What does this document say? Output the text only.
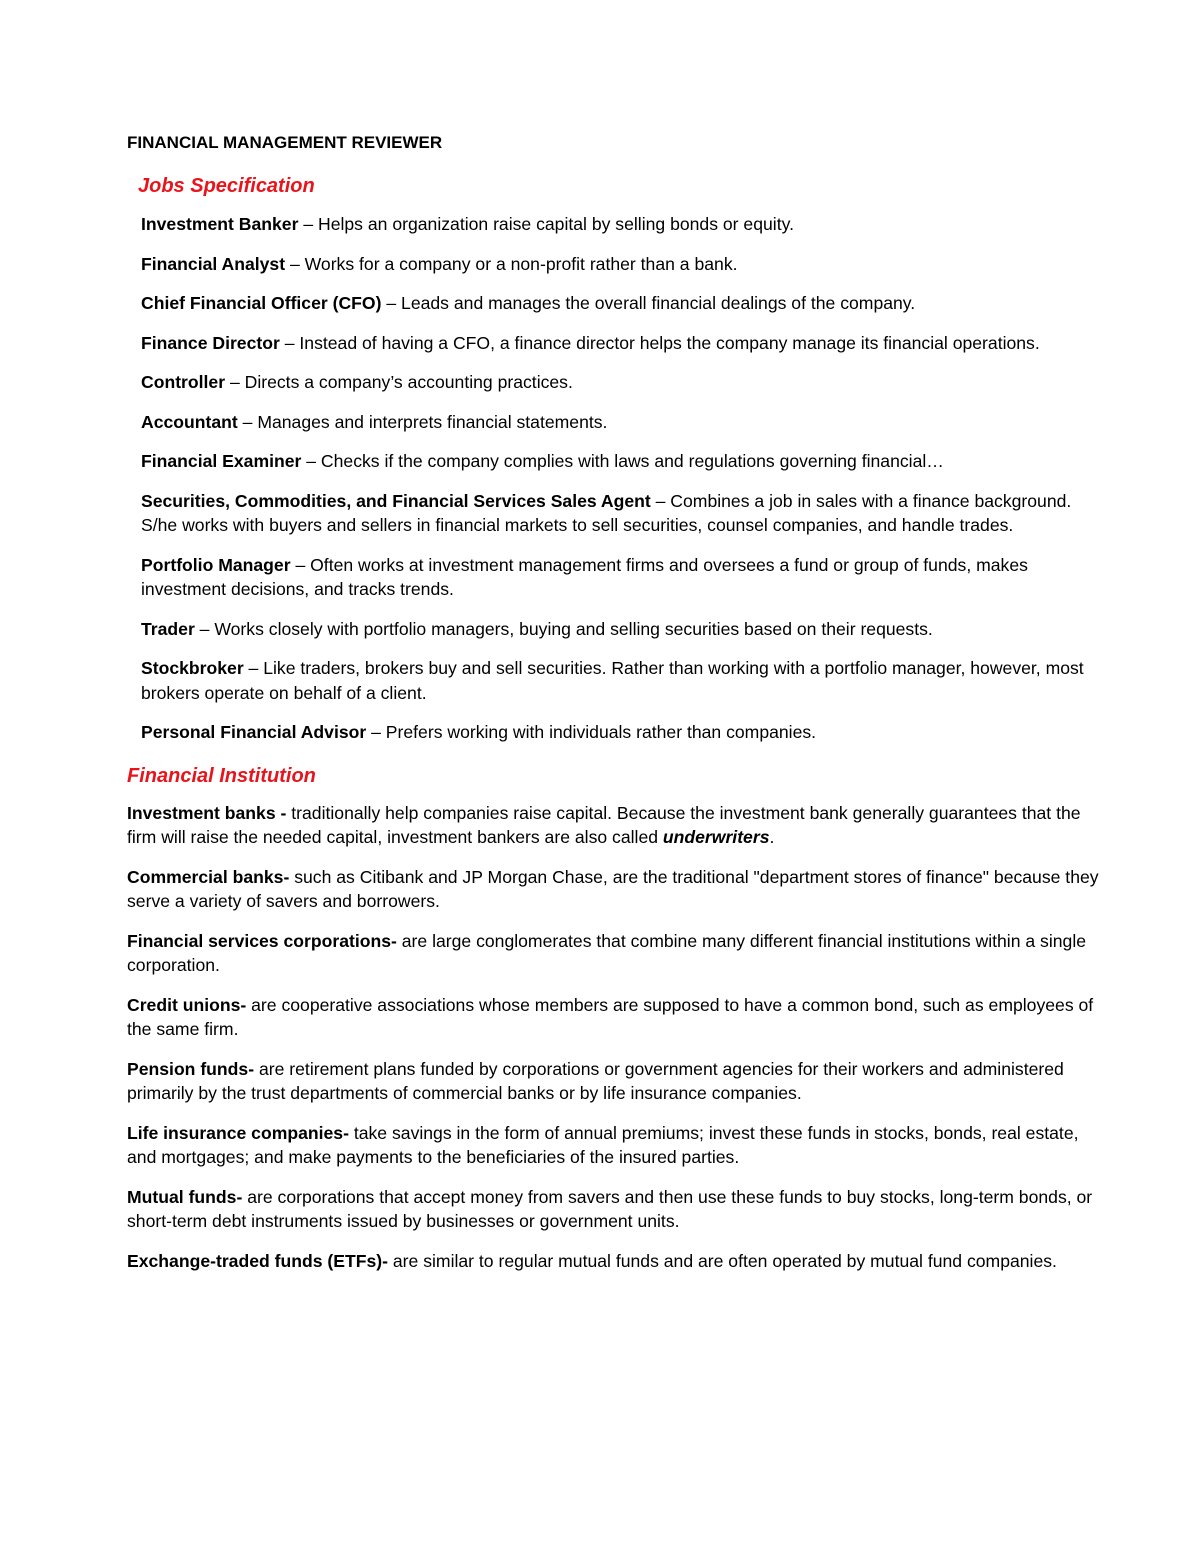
FINANCIAL MANAGEMENT REVIEWER
Jobs Specification

Investment Banker – Helps an organization raise capital by selling bonds or equity.

Financial Analyst – Works for a company or a non-profit rather than a bank.

Chief Financial Officer (CFO) – Leads and manages the overall financial dealings of the company.

Finance Director – Instead of having a CFO, a finance director helps the company manage its financial operations.

Controller – Directs a company’s accounting practices.

Accountant – Manages and interprets financial statements.

Financial Examiner – Checks if the company complies with laws and regulations governing financial…

Securities, Commodities, and Financial Services Sales Agent – Combines a job in sales with a finance background. S/he works with buyers and sellers in financial markets to sell securities, counsel companies, and handle trades.

Portfolio Manager – Often works at investment management firms and oversees a fund or group of funds, makes investment decisions, and tracks trends.

Trader – Works closely with portfolio managers, buying and selling securities based on their requests.

Stockbroker – Like traders, brokers buy and sell securities. Rather than working with a portfolio manager, however, most brokers operate on behalf of a client.

Personal Financial Advisor – Prefers working with individuals rather than companies.

Financial Institution

Investment banks - traditionally help companies raise capital. Because the investment bank generally guarantees that the firm will raise the needed capital, investment bankers are also called underwriters.

Commercial banks- such as Citibank and JP Morgan Chase, are the traditional "department stores of finance" because they serve a variety of savers and borrowers.

Financial services corporations- are large conglomerates that combine many different financial institutions within a single corporation.

Credit unions- are cooperative associations whose members are supposed to have a common bond, such as employees of the same firm.

Pension funds- are retirement plans funded by corporations or government agencies for their workers and administered primarily by the trust departments of commercial banks or by life insurance companies.

Life insurance companies- take savings in the form of annual premiums; invest these funds in stocks, bonds, real estate, and mortgages; and make payments to the beneficiaries of the insured parties.

Mutual funds- are corporations that accept money from savers and then use these funds to buy stocks, long-term bonds, or short-term debt instruments issued by businesses or government units.

Exchange-traded funds (ETFs)- are similar to regular mutual funds and are often operated by mutual fund companies.
